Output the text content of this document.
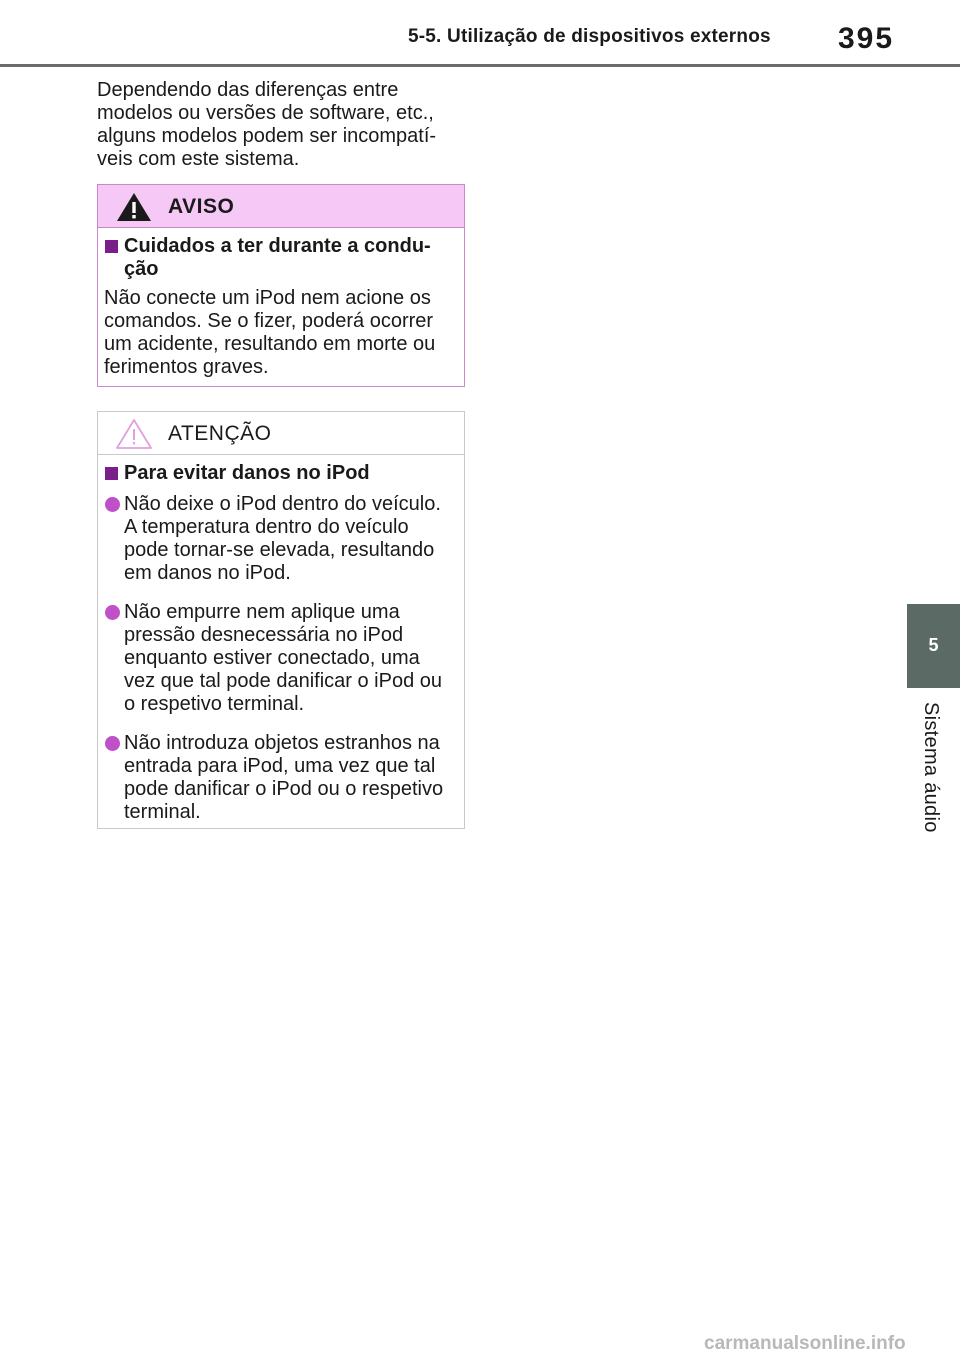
5-5. Utilização de dispositivos externos 395

Dependendo das diferenças entre

modelos ou versões de software, etc.,

alguns modelos podem ser incompatí-

veis com este sistema.

AVISO
Cuidados a ter durante a condu-
ção
Não conecte um iPod nem acione os
comandos. Se o fizer, poderá ocorrer
um acidente, resultando em morte ou
ferimentos graves.
ATENÇÃO
Para evitar danos no iPod
Não deixe o iPod dentro do veículo.
A temperatura dentro do veículo
pode tornar-se elevada, resultando
em danos no iPod.
Não empurre nem aplique uma
pressão desnecessária no iPod
enquanto estiver conectado, uma
vez que tal pode danificar o iPod ou
o respetivo terminal.
Não introduza objetos estranhos na
entrada para iPod, uma vez que tal
pode danificar o iPod ou o respetivo
terminal.
5
Sistema áudio
carmanualsonline.info
